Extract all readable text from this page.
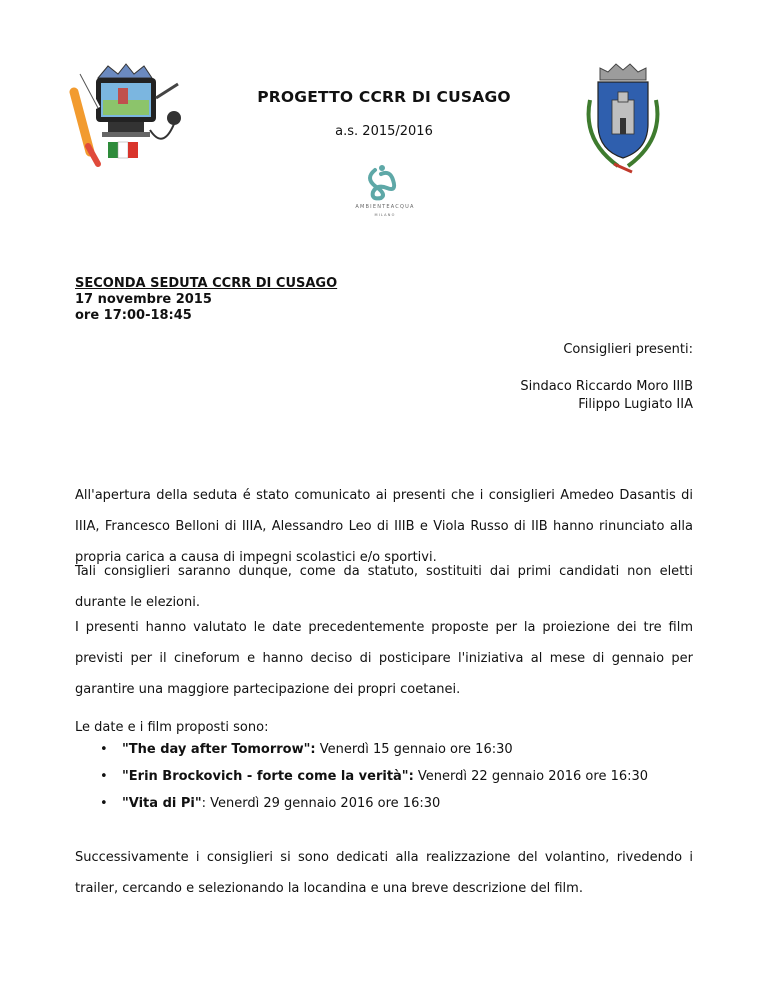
PROGETTO CCRR DI CUSAGO
a.s. 2015/2016
AMBIENTEACQUA
MILANO
SECONDA SEDUTA CCRR DI CUSAGO
17 novembre 2015
ore 17:00-18:45
Consiglieri presenti:
Sindaco Riccardo Moro IIIB
Filippo Lugiato IIA
All'apertura della seduta é stato comunicato ai presenti che i consiglieri Amedeo Dasantis di IIIA, Francesco Belloni di IIIA, Alessandro Leo di IIIB e Viola Russo di IIB hanno rinunciato alla propria carica a causa di impegni scolastici e/o sportivi.
Tali consiglieri saranno dunque, come da statuto, sostituiti dai primi candidati non eletti durante le elezioni.
I presenti hanno valutato le date precedentemente proposte per la proiezione dei tre film previsti per il cineforum e hanno deciso di posticipare l'iniziativa al mese di gennaio per garantire una maggiore partecipazione dei propri coetanei.
Le date e i film proposti sono:
• "The day after Tomorrow": Venerdì 15 gennaio ore 16:30
• "Erin Brockovich - forte come la verità": Venerdì 22 gennaio 2016 ore 16:30
• "Vita di Pi": Venerdì 29 gennaio 2016 ore 16:30
Successivamente i consiglieri si sono dedicati alla realizzazione del volantino, rivedendo i trailer, cercando e selezionando la locandina e una breve descrizione del film.
